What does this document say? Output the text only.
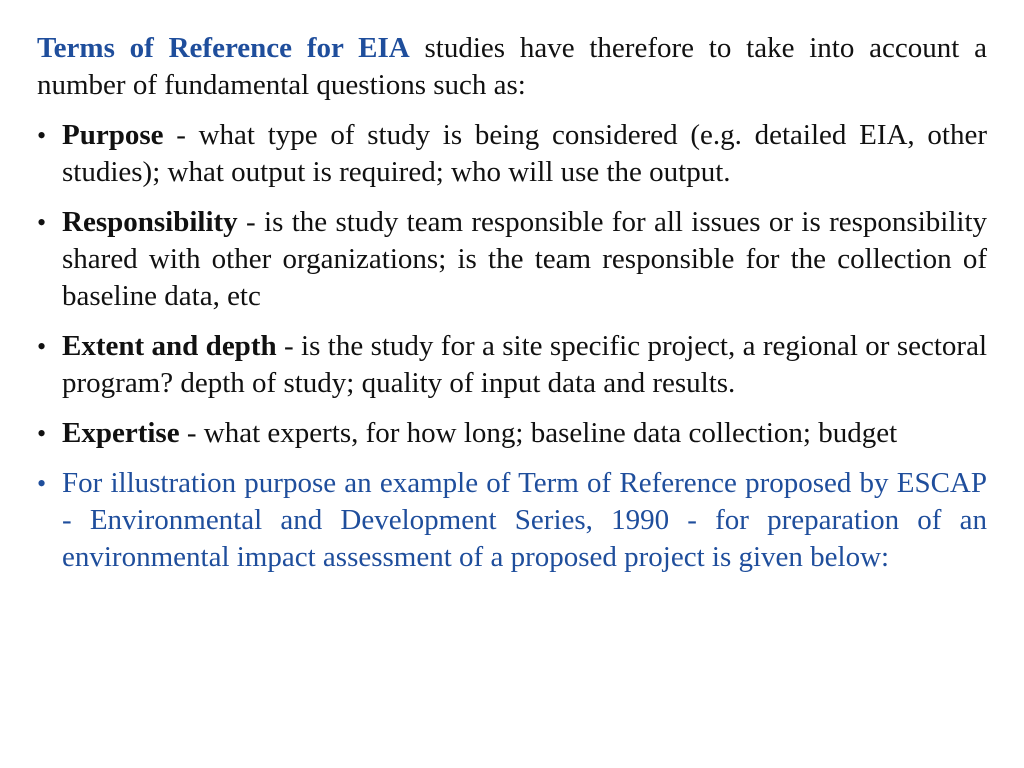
Terms of Reference for EIA studies have therefore to take into account a number of fundamental questions such as:

• Purpose - what type of study is being considered (e.g. detailed EIA, other studies); what output is required; who will use the output.
• Responsibility - is the study team responsible for all issues or is responsibility shared with other organizations; is the team responsible for the collection of baseline data, etc
• Extent and depth - is the study for a site specific project, a regional or sectoral program? depth of study; quality of input data and results.
• Expertise - what experts, for how long; baseline data collection; budget
• For illustration purpose an example of Term of Reference proposed by ESCAP - Environmental and Development Series, 1990 - for preparation of an environmental impact assessment of a proposed project is given below:
